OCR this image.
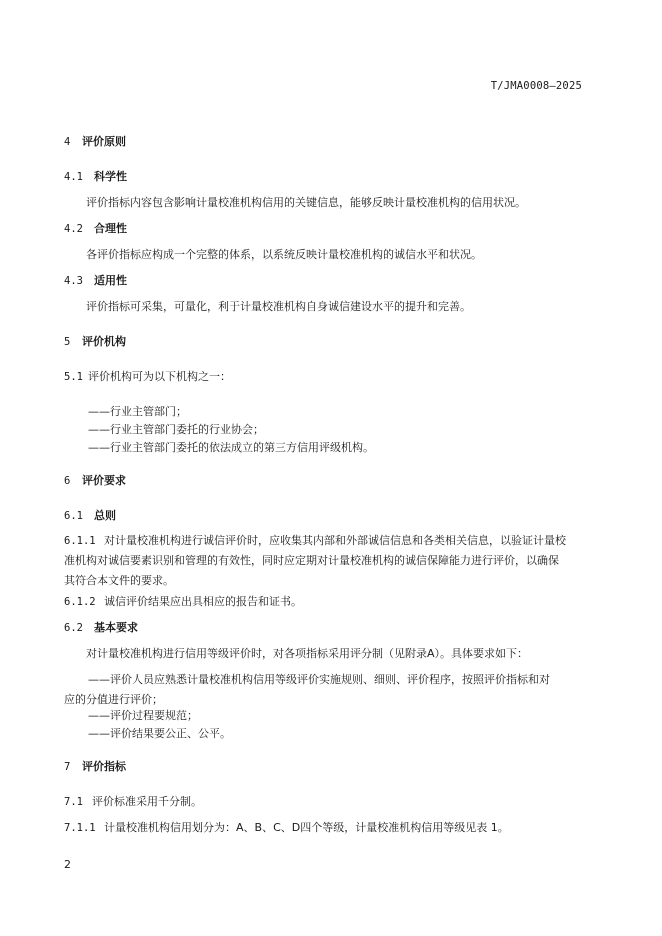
T/JMA0008—2025
4 评价原则
4.1 科学性
评价指标内容包含影响计量校准机构信用的关键信息，能够反映计量校准机构的信用状况。
4.2 合理性
各评价指标应构成一个完整的体系，以系统反映计量校准机构的诚信水平和状况。
4.3 适用性
评价指标可采集，可量化，利于计量校准机构自身诚信建设水平的提升和完善。
5 评价机构
5.1 评价机构可为以下机构之一：
——行业主管部门；
——行业主管部门委托的行业协会；
——行业主管部门委托的依法成立的第三方信用评级机构。
6 评价要求
6.1 总则
6.1.1 对计量校准机构进行诚信评价时，应收集其内部和外部诚信信息和各类相关信息，以验证计量校
准机构对诚信要素识别和管理的有效性，同时应定期对计量校准机构的诚信保障能力进行评价，以确保
其符合本文件的要求。
6.1.2 诚信评价结果应出具相应的报告和证书。
6.2 基本要求
对计量校准机构进行信用等级评价时，对各项指标采用评分制（见附录A）。具体要求如下：
——评价人员应熟悉计量校准机构信用等级评价实施规则、细则、评价程序，按照评价指标和对
应的分值进行评价；
——评价过程要规范；
——评价结果要公正、公平。
7 评价指标
7.1 评价标准采用千分制。
7.1.1 计量校准机构信用划分为：A、B、C、D四个等级，计量校准机构信用等级见表 1。
2
